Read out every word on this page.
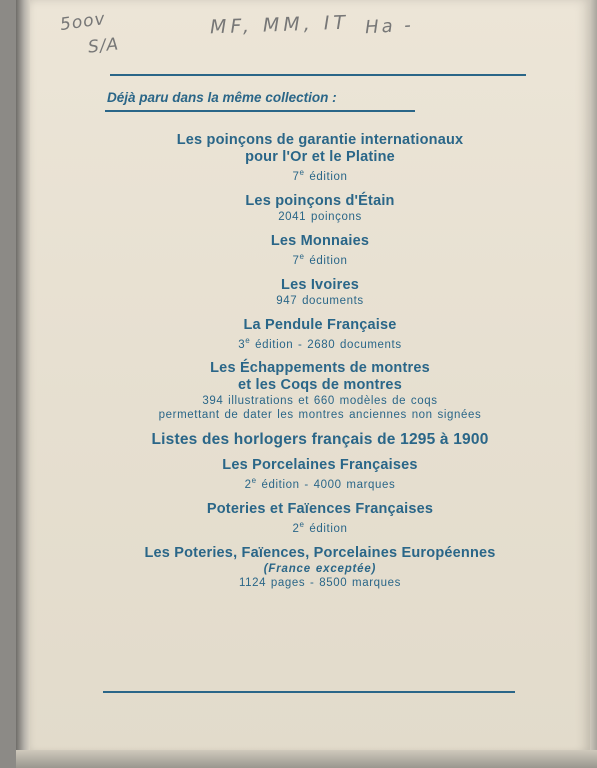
5oov
S/A
MF, MM, IT Ha -
Déjà paru dans la même collection :
Les poinçons de garantie internationaux
pour l'Or et le Platine
7e édition
Les poinçons d'Étain
2041 poinçons
Les Monnaies
7e édition
Les Ivoires
947 documents
La Pendule Française
3e édition - 2680 documents
Les Échappements de montres
et les Coqs de montres
394 illustrations et 660 modèles de coqs
permettant de dater les montres anciennes non signées
Listes des horlogers français de 1295 à 1900
Les Porcelaines Françaises
2e édition - 4000 marques
Poteries et Faïences Françaises
2e édition
Les Poteries, Faïences, Porcelaines Européennes
(France exceptée)
1124 pages - 8500 marques
